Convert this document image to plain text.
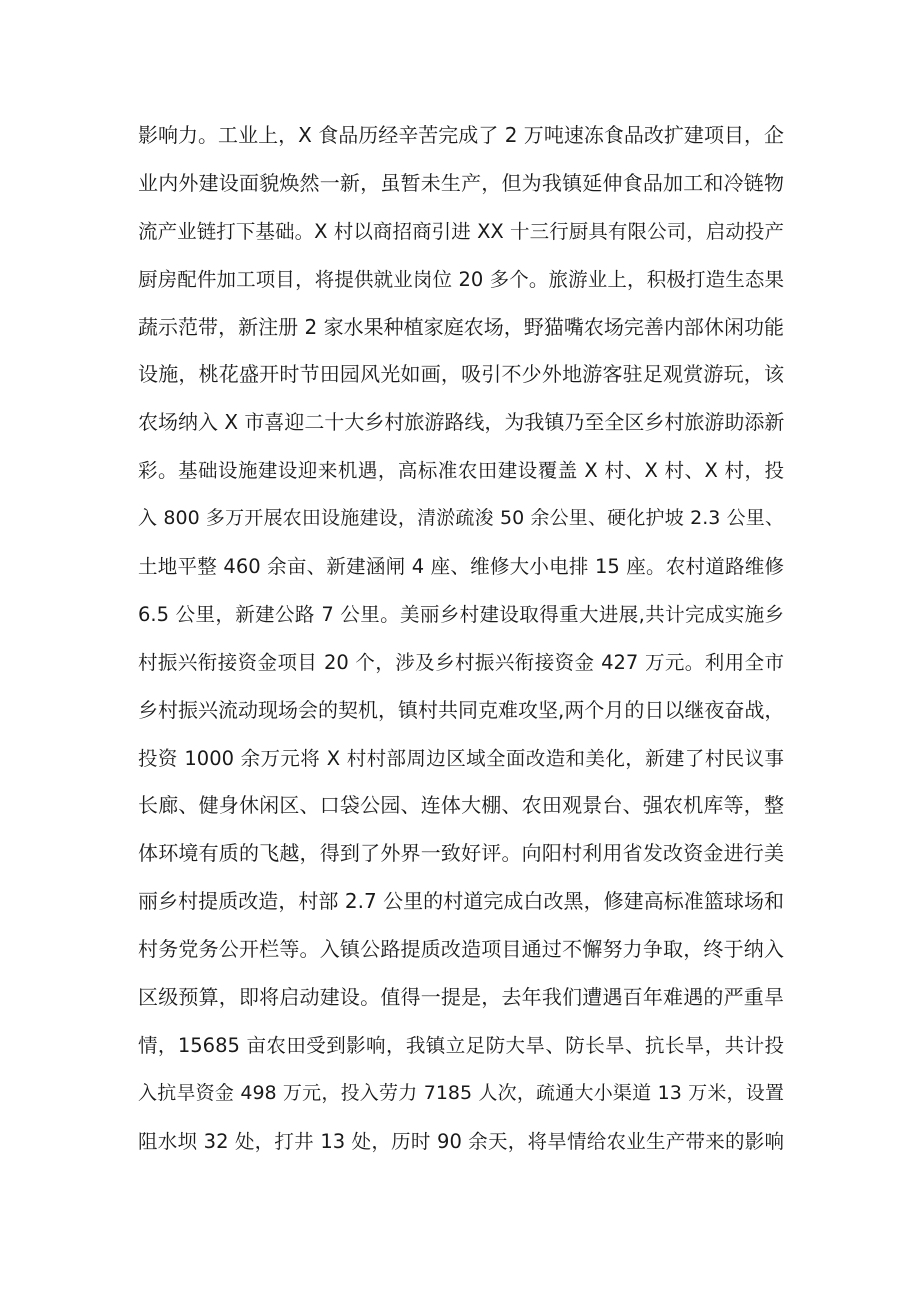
影响力。工业上，X 食品历经辛苦完成了 2 万吨速冻食品改扩建项目，企
业内外建设面貌焕然一新，虽暂未生产，但为我镇延伸食品加工和冷链物
流产业链打下基础。X 村以商招商引进 XX 十三行厨具有限公司，启动投产
厨房配件加工项目，将提供就业岗位 20 多个。旅游业上，积极打造生态果
蔬示范带，新注册 2 家水果种植家庭农场，野猫嘴农场完善内部休闲功能
设施，桃花盛开时节田园风光如画，吸引不少外地游客驻足观赏游玩，该
农场纳入 X 市喜迎二十大乡村旅游路线，为我镇乃至全区乡村旅游助添新
彩。基础设施建设迎来机遇，高标准农田建设覆盖 X 村、X 村、X 村，投
入 800 多万开展农田设施建设，清淤疏浚 50 余公里、硬化护坡 2.3 公里、
土地平整 460 余亩、新建涵闸 4 座、维修大小电排 15 座。农村道路维修
6.5 公里，新建公路 7 公里。美丽乡村建设取得重大进展,共计完成实施乡
村振兴衔接资金项目 20 个，涉及乡村振兴衔接资金 427 万元。利用全市
乡村振兴流动现场会的契机，镇村共同克难攻坚,两个月的日以继夜奋战，
投资 1000 余万元将 X 村村部周边区域全面改造和美化，新建了村民议事
长廊、健身休闲区、口袋公园、连体大棚、农田观景台、强农机库等，整
体环境有质的飞越，得到了外界一致好评。向阳村利用省发改资金进行美
丽乡村提质改造，村部 2.7 公里的村道完成白改黑，修建高标准篮球场和
村务党务公开栏等。入镇公路提质改造项目通过不懈努力争取，终于纳入
区级预算，即将启动建设。值得一提是，去年我们遭遇百年难遇的严重旱
情，15685 亩农田受到影响，我镇立足防大旱、防长旱、抗长旱，共计投
入抗旱资金 498 万元，投入劳力 7185 人次，疏通大小渠道 13 万米，设置
阻水坝 32 处，打井 13 处，历时 90 余天，将旱情给农业生产带来的影响
